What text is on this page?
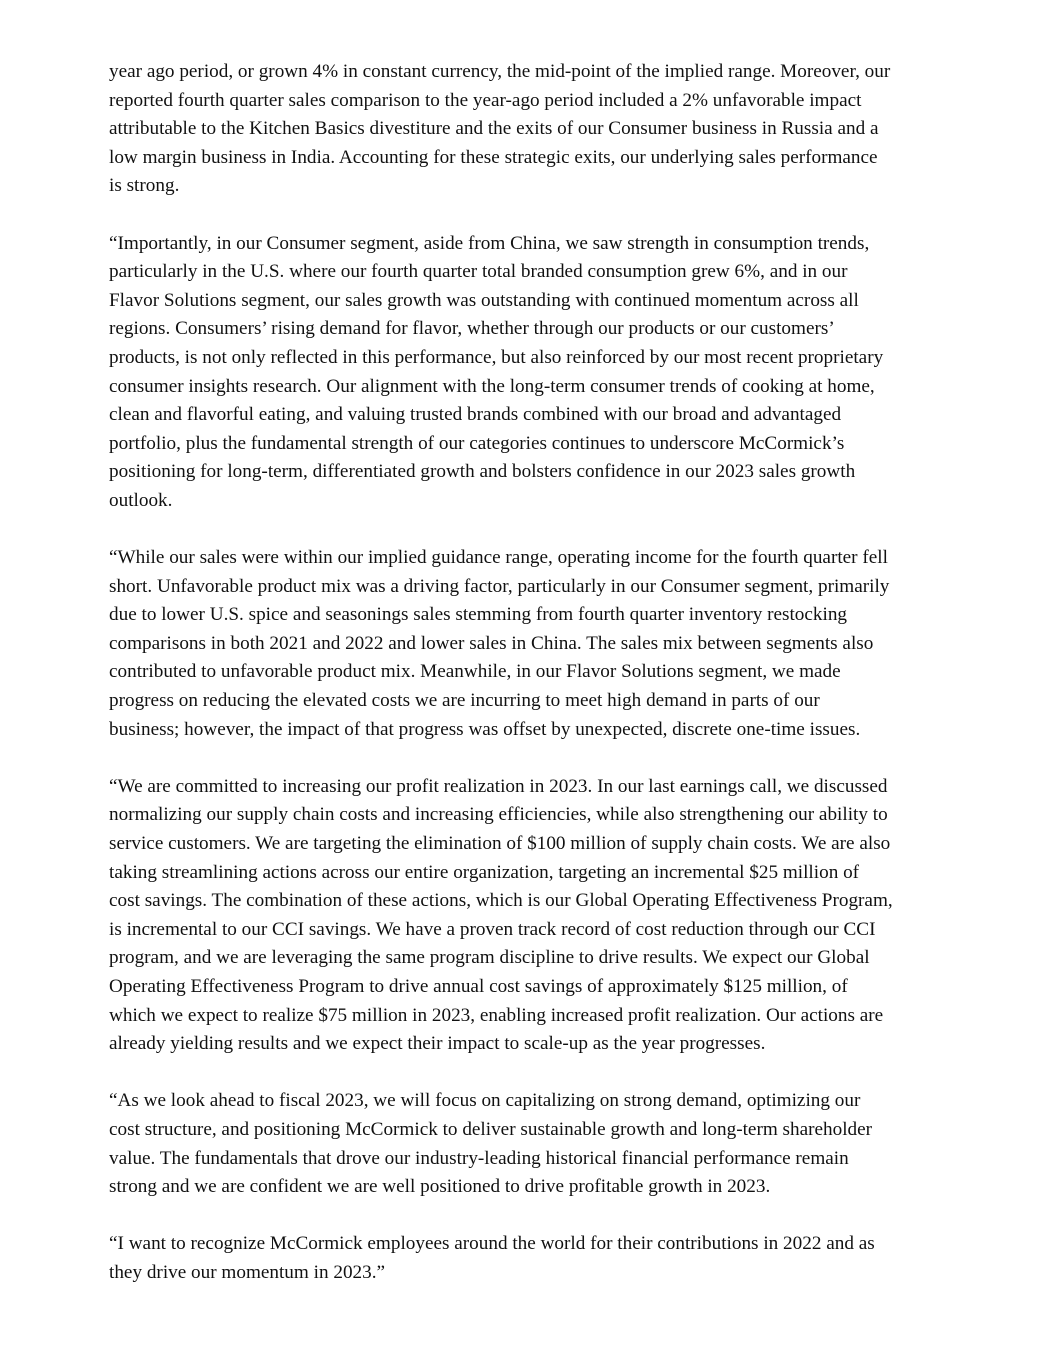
year ago period, or grown 4% in constant currency, the mid-point of the implied range. Moreover, our
reported fourth quarter sales comparison to the year-ago period included a 2% unfavorable impact
attributable to the Kitchen Basics divestiture and the exits of our Consumer business in Russia and a
low margin business in India. Accounting for these strategic exits, our underlying sales performance
is strong.

“Importantly, in our Consumer segment, aside from China, we saw strength in consumption trends,
particularly in the U.S. where our fourth quarter total branded consumption grew 6%, and in our
Flavor Solutions segment, our sales growth was outstanding with continued momentum across all
regions. Consumers’ rising demand for flavor, whether through our products or our customers’
products, is not only reflected in this performance, but also reinforced by our most recent proprietary
consumer insights research. Our alignment with the long-term consumer trends of cooking at home,
clean and flavorful eating, and valuing trusted brands combined with our broad and advantaged
portfolio, plus the fundamental strength of our categories continues to underscore McCormick’s
positioning for long-term, differentiated growth and bolsters confidence in our 2023 sales growth
outlook.

“While our sales were within our implied guidance range, operating income for the fourth quarter fell
short. Unfavorable product mix was a driving factor, particularly in our Consumer segment, primarily
due to lower U.S. spice and seasonings sales stemming from fourth quarter inventory restocking
comparisons in both 2021 and 2022 and lower sales in China. The sales mix between segments also
contributed to unfavorable product mix. Meanwhile, in our Flavor Solutions segment, we made
progress on reducing the elevated costs we are incurring to meet high demand in parts of our
business; however, the impact of that progress was offset by unexpected, discrete one-time issues.

“We are committed to increasing our profit realization in 2023. In our last earnings call, we discussed
normalizing our supply chain costs and increasing efficiencies, while also strengthening our ability to
service customers. We are targeting the elimination of $100 million of supply chain costs. We are also
taking streamlining actions across our entire organization, targeting an incremental $25 million of
cost savings. The combination of these actions, which is our Global Operating Effectiveness Program,
is incremental to our CCI savings. We have a proven track record of cost reduction through our CCI
program, and we are leveraging the same program discipline to drive results. We expect our Global
Operating Effectiveness Program to drive annual cost savings of approximately $125 million, of
which we expect to realize $75 million in 2023, enabling increased profit realization. Our actions are
already yielding results and we expect their impact to scale-up as the year progresses.

“As we look ahead to fiscal 2023, we will focus on capitalizing on strong demand, optimizing our
cost structure, and positioning McCormick to deliver sustainable growth and long-term shareholder
value. The fundamentals that drove our industry-leading historical financial performance remain
strong and we are confident we are well positioned to drive profitable growth in 2023.

“I want to recognize McCormick employees around the world for their contributions in 2022 and as
they drive our momentum in 2023.”
